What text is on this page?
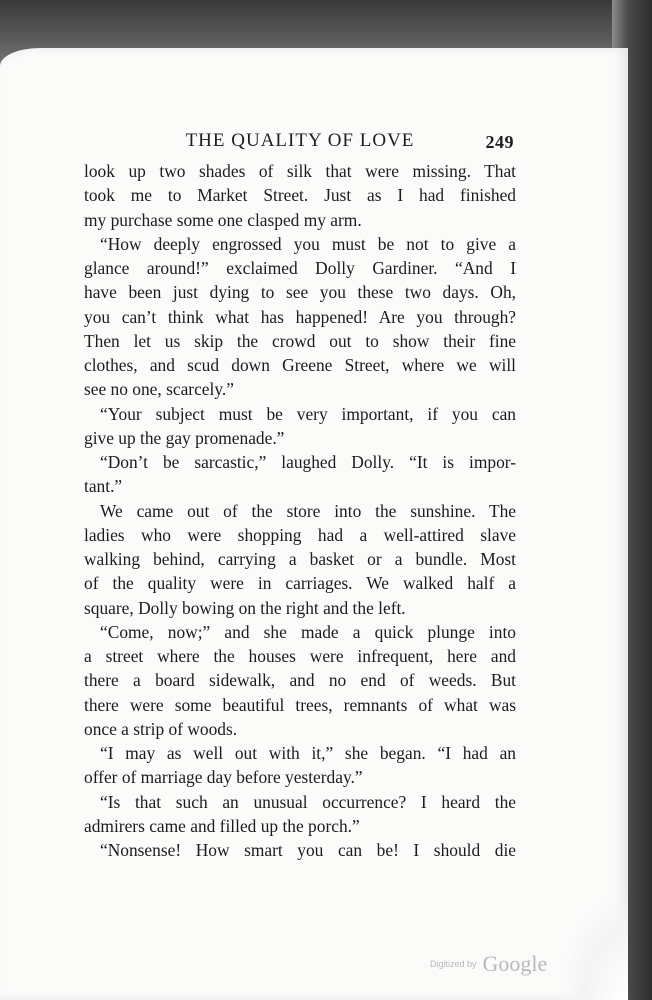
THE QUALITY OF LOVE	249
look up two shades of silk that were missing. That
took me to Market Street. Just as I had finished
my purchase some one clasped my arm.
“How deeply engrossed you must be not to give a
glance around!” exclaimed Dolly Gardiner. “And I
have been just dying to see you these two days. Oh,
you can’t think what has happened! Are you through?
Then let us skip the crowd out to show their fine
clothes, and scud down Greene Street, where we will
see no one, scarcely.”
“Your subject must be very important, if you can
give up the gay promenade.”
“Don’t be sarcastic,” laughed Dolly. “It is impor-
tant.”
We came out of the store into the sunshine. The
ladies who were shopping had a well-attired slave
walking behind, carrying a basket or a bundle. Most
of the quality were in carriages. We walked half a
square, Dolly bowing on the right and the left.
“Come, now;” and she made a quick plunge into
a street where the houses were infrequent, here and
there a board sidewalk, and no end of weeds. But
there were some beautiful trees, remnants of what was
once a strip of woods.
“I may as well out with it,” she began. “I had an
offer of marriage day before yesterday.”
“Is that such an unusual occurrence? I heard the
admirers came and filled up the porch.”
“Nonsense! How smart you can be! I should die
Digitized by Google
